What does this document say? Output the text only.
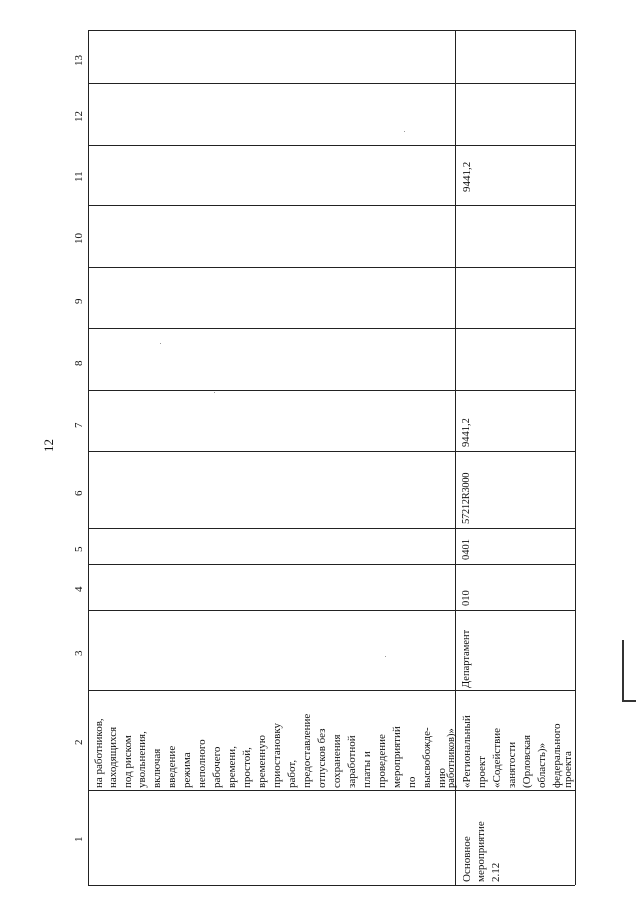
12
13
12
11
10
9
8
7
6
5
4
3
2
1
на работников, находящихся под риском увольнения, включая введение режима неполного рабочего времени, простой, временную приостановку работ, предоставление отпусков без сохранения заработной платы и проведение мероприятий по высвобожде- нию
работников)»
Основное мероприятие 2.12
«Региональный проект «Содействие занятости (Орловская область)» федерального проекта
Департамент
010
0401
57212R3000
9441,2
9441,2
